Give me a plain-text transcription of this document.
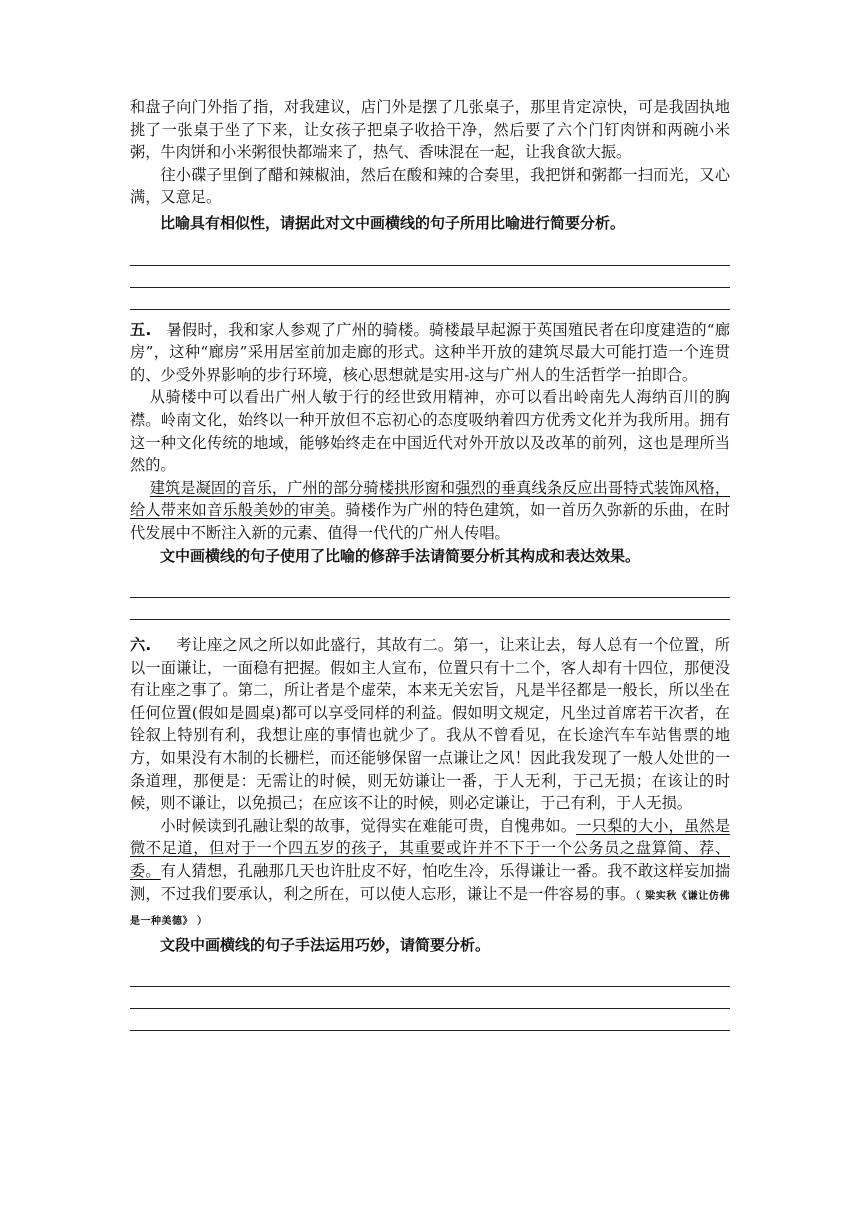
和盘子向门外指了指，对我建议，店门外是摆了几张桌子，那里肯定凉快，可是我固执地挑了一张桌于坐了下来，让女孩子把桌子收拾干净，然后要了六个门钉肉饼和两碗小米粥，牛肉饼和小米粥很快都端来了，热气、香味混在一起，让我食欲大振。

往小碟子里倒了醋和辣椒油，然后在酸和辣的合奏里，我把饼和粥都一扫而光，又心满，又意足。

比喻具有相似性，请据此对文中画横线的句子所用比喻进行简要分析。

五. 暑假时，我和家人参观了广州的骑楼。骑楼最早起源于英国殖民者在印度建造的“廊房”，这种“廊房”采用居室前加走廊的形式。这种半开放的建筑尽最大可能打造一个连贯的、少受外界影响的步行环境，核心思想就是实用-这与广州人的生活哲学一拍即合。

从骑楼中可以看出广州人敏于行的经世致用精神，亦可以看出岭南先人海纳百川的胸襟。岭南文化，始终以一种开放但不忘初心的态度吸纳着四方优秀文化并为我所用。拥有这一种文化传统的地域，能够始终走在中国近代对外开放以及改革的前列，这也是理所当然的。

建筑是凝固的音乐，广州的部分骑楼拱形窗和强烈的垂真线条反应出哥特式装饰风格，给人带来如音乐般美妙的审美。骑楼作为广州的特色建筑，如一首历久弥新的乐曲，在时代发展中不断注入新的元素、值得一代代的广州人传唱。

文中画横线的句子使用了比喻的修辞手法请简要分析其构成和表达效果。

六. 考让座之风之所以如此盛行，其故有二。第一，让来让去，每人总有一个位置，所以一面谦让，一面稳有把握。假如主人宣布，位置只有十二个，客人却有十四位，那便没有让座之事了。第二，所让者是个虚荣，本来无关宏旨，凡是半径都是一般长，所以坐在任何位置(假如是圆桌)都可以享受同样的利益。假如明文规定，凡坐过首席若干次者，在铨叙上特别有利，我想让座的事情也就少了。我从不曾看见，在长途汽车车站售票的地方，如果没有木制的长栅栏，而还能够保留一点谦让之风！因此我发现了一般人处世的一条道理，那便是：无需让的时候，则无妨谦让一番，于人无利，于己无损；在该让的时候，则不谦让，以免损己；在应该不让的时候，则必定谦让，于己有利，于人无损。

小时候读到孔融让梨的故事，觉得实在难能可贵，自愧弗如。一只梨的大小，虽然是微不足道，但对于一个四五岁的孩子，其重要或许并不下于一个公务员之盘算简、荐、委。有人猜想，孔融那几天也许肚皮不好，怕吃生冷，乐得谦让一番。我不敢这样妄加揣测，不过我们要承认，利之所在，可以使人忘形，谦让不是一件容易的事。（ 梁实秋《谦让仿佛是一种美德》 ）

文段中画横线的句子手法运用巧妙，请简要分析。
